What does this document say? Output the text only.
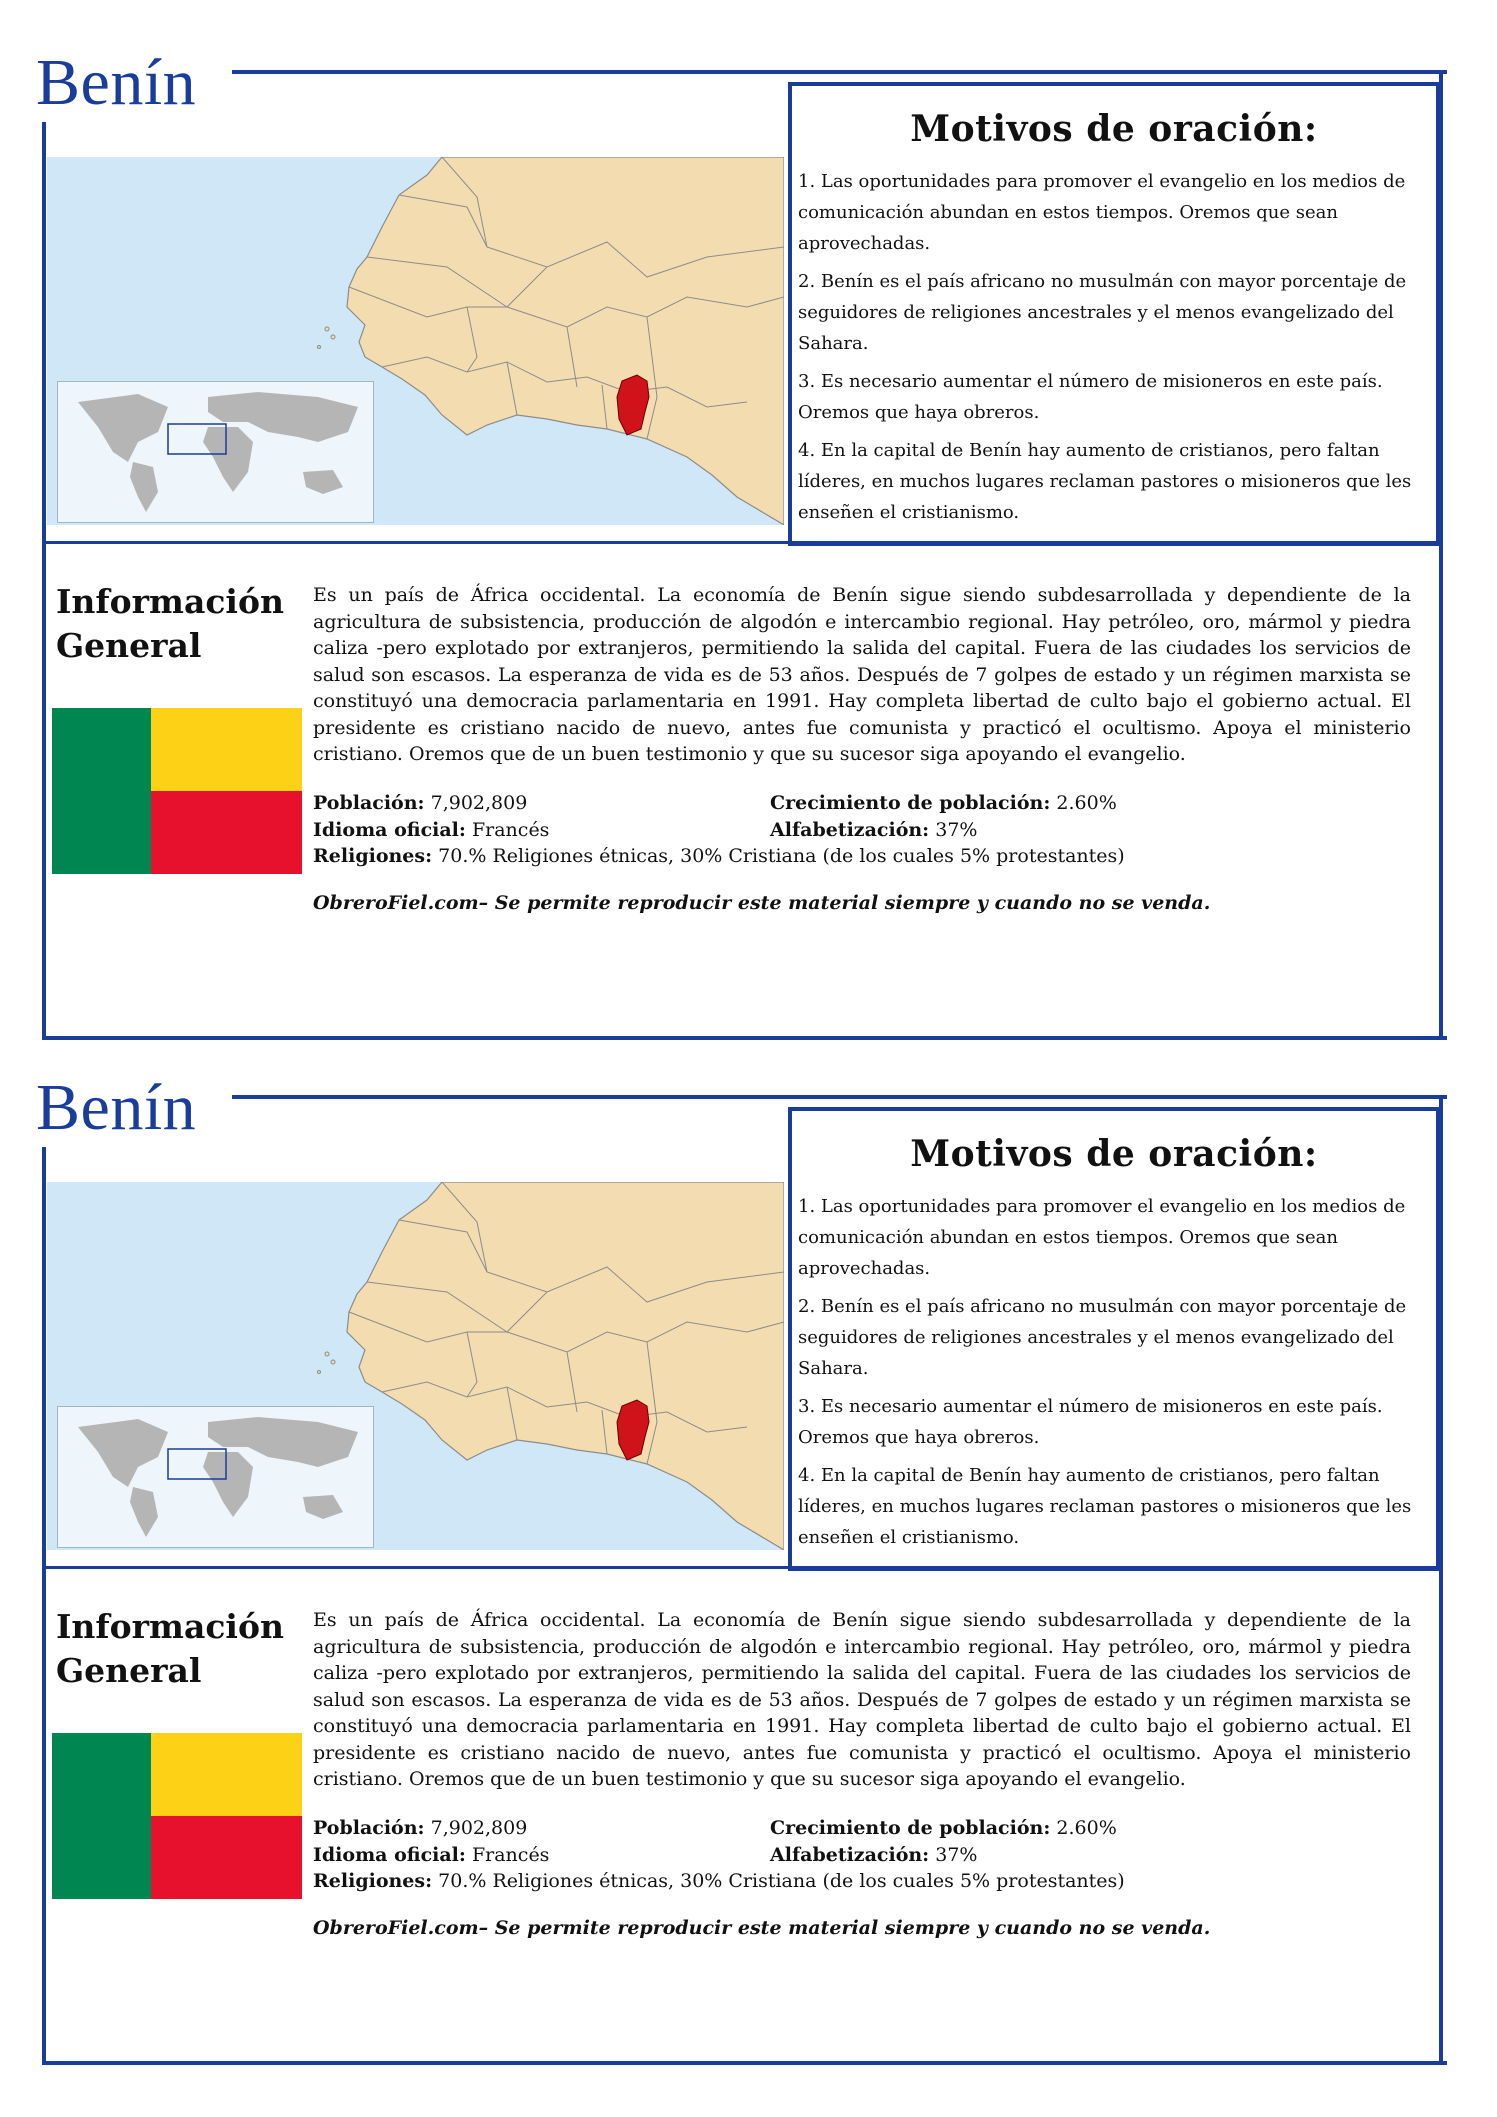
Benín
Motivos de oración:
1. Las oportunidades para promover el evangelio en los medios de comunicación abundan en estos tiempos. Oremos que sean aprovechadas.
2. Benín es el país africano no musulmán con mayor porcentaje de seguidores de religiones ancestrales y el menos evangelizado del Sahara.
3. Es necesario aumentar el número de misioneros en este país. Oremos que haya obreros.
4. En la capital de Benín hay aumento de cristianos, pero faltan líderes, en muchos lugares reclaman pastores o misioneros que les enseñen el cristianismo.
Información
General

Es un país de África occidental. La economía de Benín sigue siendo subdesarrollada y dependiente de la agricultura de subsistencia, producción de algodón e intercambio regional. Hay petróleo, oro, mármol y piedra caliza -pero explotado por extranjeros, permitiendo la salida del capital. Fuera de las ciudades los servicios de salud son escasos. La esperanza de vida es de 53 años. Después de 7 golpes de estado y un régimen marxista se constituyó una democracia parlamentaria en 1991. Hay completa libertad de culto bajo el gobierno actual. El presidente es cristiano nacido de nuevo, antes fue comunista y practicó el ocultismo. Apoya el ministerio cristiano. Oremos que de un buen testimonio y que su sucesor siga apoyando el evangelio.

Población: 7,902,809	Crecimiento de población: 2.60%
Idioma oficial: Francés	Alfabetización: 37%
Religiones: 70.% Religiones étnicas, 30% Cristiana (de los cuales 5% protestantes)
ObreroFiel.com– Se permite reproducir este material siempre y cuando no se venda.
Benín
Motivos de oración:
1. Las oportunidades para promover el evangelio en los medios de comunicación abundan en estos tiempos. Oremos que sean aprovechadas.
2. Benín es el país africano no musulmán con mayor porcentaje de seguidores de religiones ancestrales y el menos evangelizado del Sahara.
3. Es necesario aumentar el número de misioneros en este país. Oremos que haya obreros.
4. En la capital de Benín hay aumento de cristianos, pero faltan líderes, en muchos lugares reclaman pastores o misioneros que les enseñen el cristianismo.
Información
General

Es un país de África occidental. La economía de Benín sigue siendo subdesarrollada y dependiente de la agricultura de subsistencia, producción de algodón e intercambio regional. Hay petróleo, oro, mármol y piedra caliza -pero explotado por extranjeros, permitiendo la salida del capital. Fuera de las ciudades los servicios de salud son escasos. La esperanza de vida es de 53 años. Después de 7 golpes de estado y un régimen marxista se constituyó una democracia parlamentaria en 1991. Hay completa libertad de culto bajo el gobierno actual. El presidente es cristiano nacido de nuevo, antes fue comunista y practicó el ocultismo. Apoya el ministerio cristiano. Oremos que de un buen testimonio y que su sucesor siga apoyando el evangelio.

Población: 7,902,809	Crecimiento de población: 2.60%
Idioma oficial: Francés	Alfabetización: 37%
Religiones: 70.% Religiones étnicas, 30% Cristiana (de los cuales 5% protestantes)
ObreroFiel.com– Se permite reproducir este material siempre y cuando no se venda.
